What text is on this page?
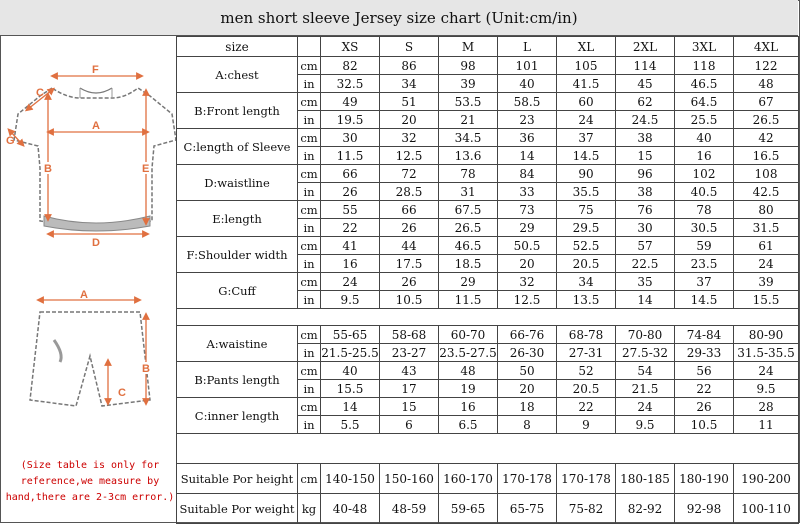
men short sleeve Jersey size chart (Unit:cm/in)
F
C
G
A
B	E
D
A
B
C
(Size table is only for
reference,we measure by
hand,there are 2-3cm error.)
size		XS	S	M	L	XL	2XL	3XL	4XL
A:chest	cm	82	86	98	101	105	114	118	122
	in	32.5	34	39	40	41.5	45	46.5	48
B:Front length	cm	49	51	53.5	58.5	60	62	64.5	67
	in	19.5	20	21	23	24	24.5	25.5	26.5
C:length of Sleeve	cm	30	32	34.5	36	37	38	40	42
	in	11.5	12.5	13.6	14	14.5	15	16	16.5
D:waistline	cm	66	72	78	84	90	96	102	108
	in	26	28.5	31	33	35.5	38	40.5	42.5
E:length	cm	55	66	67.5	73	75	76	78	80
	in	22	26	26.5	29	29.5	30	30.5	31.5
F:Shoulder width	cm	41	44	46.5	50.5	52.5	57	59	61
	in	16	17.5	18.5	20	20.5	22.5	23.5	24
G:Cuff	cm	24	26	29	32	34	35	37	39
	in	9.5	10.5	11.5	12.5	13.5	14	14.5	15.5

A:waistine	cm	55-65	58-68	60-70	66-76	68-78	70-80	74-84	80-90
	in	21.5-25.5	23-27	23.5-27.5	26-30	27-31	27.5-32	29-33	31.5-35.5
B:Pants length	cm	40	43	48	50	52	54	56	24
	in	15.5	17	19	20	20.5	21.5	22	9.5
C:inner length	cm	14	15	16	18	22	24	26	28
	in	5.5	6	6.5	8	9	9.5	10.5	11

Suitable Por height	cm	140-150	150-160	160-170	170-178	170-178	180-185	180-190	190-200
Suitable Por weight	kg	40-48	48-59	59-65	65-75	75-82	82-92	92-98	100-110
